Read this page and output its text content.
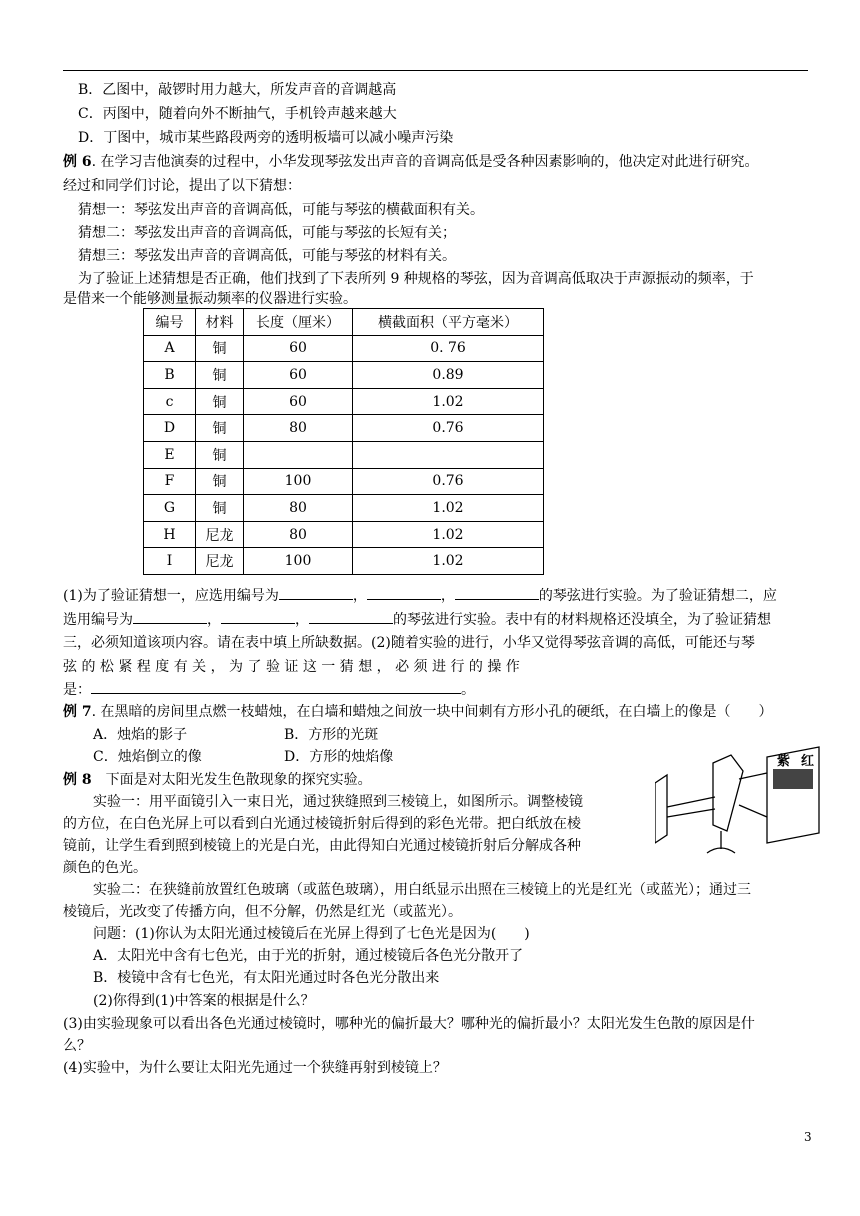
B．乙图中，敲锣时用力越大，所发声音的音调越高
C．丙图中，随着向外不断抽气，手机铃声越来越大
D．丁图中，城市某些路段两旁的透明板墙可以减小噪声污染
例 6. 在学习吉他演奏的过程中，小华发现琴弦发出声音的音调高低是受各种因素影响的，他决定对此进行研究。
经过和同学们讨论，提出了以下猜想：
猜想一：琴弦发出声音的音调高低，可能与琴弦的横截面积有关。
猜想二：琴弦发出声音的音调高低，可能与琴弦的长短有关；
猜想三：琴弦发出声音的音调高低，可能与琴弦的材料有关。
为了验证上述猜想是否正确，他们找到了下表所列 9 种规格的琴弦，因为音调高低取决于声源振动的频率，于
是借来一个能够测量振动频率的仪器进行实验。
编号	材料	长度（厘米）	横截面积（平方毫米）
A	铜	60	0. 76
B	铜	60	0.89
c	铜	60	1.02
D	铜	80	0.76
E	铜		
F	铜	100	0.76
G	铜	80	1.02
H	尼龙	80	1.02
I	尼龙	100	1.02
(1)为了验证猜想一，应选用编号为	，	，	的琴弦进行实验。为了验证猜想二，应
选用编号为	，	，	的琴弦进行实验。表中有的材料规格还没填全，为了验证猜想
三，必须知道该项内容。请在表中填上所缺数据。(2)随着实验的进行，小华又觉得琴弦音调的高低，可能还与琴
弦 的 松 紧 程 度 有 关 ， 为 了 验 证 这 一 猜 想 ， 必 须 进 行 的 操 作
是：	。
例 7. 在黑暗的房间里点燃一枝蜡烛，在白墙和蜡烛之间放一块中间刺有方形小孔的硬纸，在白墙上的像是（　　）
A．烛焰的影子	B．方形的光斑
C．烛焰倒立的像	D．方形的烛焰像
例 8　下面是对太阳光发生色散现象的探究实验。
实验一：用平面镜引入一束日光，通过狭缝照到三棱镜上，如图所示。调整棱镜
的方位，在白色光屏上可以看到白光通过棱镜折射后得到的彩色光带。把白纸放在棱
镜前，让学生看到照到棱镜上的光是白光，由此得知白光通过棱镜折射后分解成各种
颜色的色光。
实验二：在狭缝前放置红色玻璃（或蓝色玻璃），用白纸显示出照在三棱镜上的光是红光（或蓝光）；通过三
棱镜后，光改变了传播方向，但不分解，仍然是红光（或蓝光）。
问题：(1)你认为太阳光通过棱镜后在光屏上得到了七色光是因为(　　)
A．太阳光中含有七色光，由于光的折射，通过棱镜后各色光分散开了
B．棱镜中含有七色光，有太阳光通过时各色光分散出来
(2)你得到(1)中答案的根据是什么？
(3)由实验现象可以看出各色光通过棱镜时，哪种光的偏折最大？哪种光的偏折最小？太阳光发生色散的原因是什
么？
(4)实验中，为什么要让太阳光先通过一个狭缝再射到棱镜上？
紫 红
3
